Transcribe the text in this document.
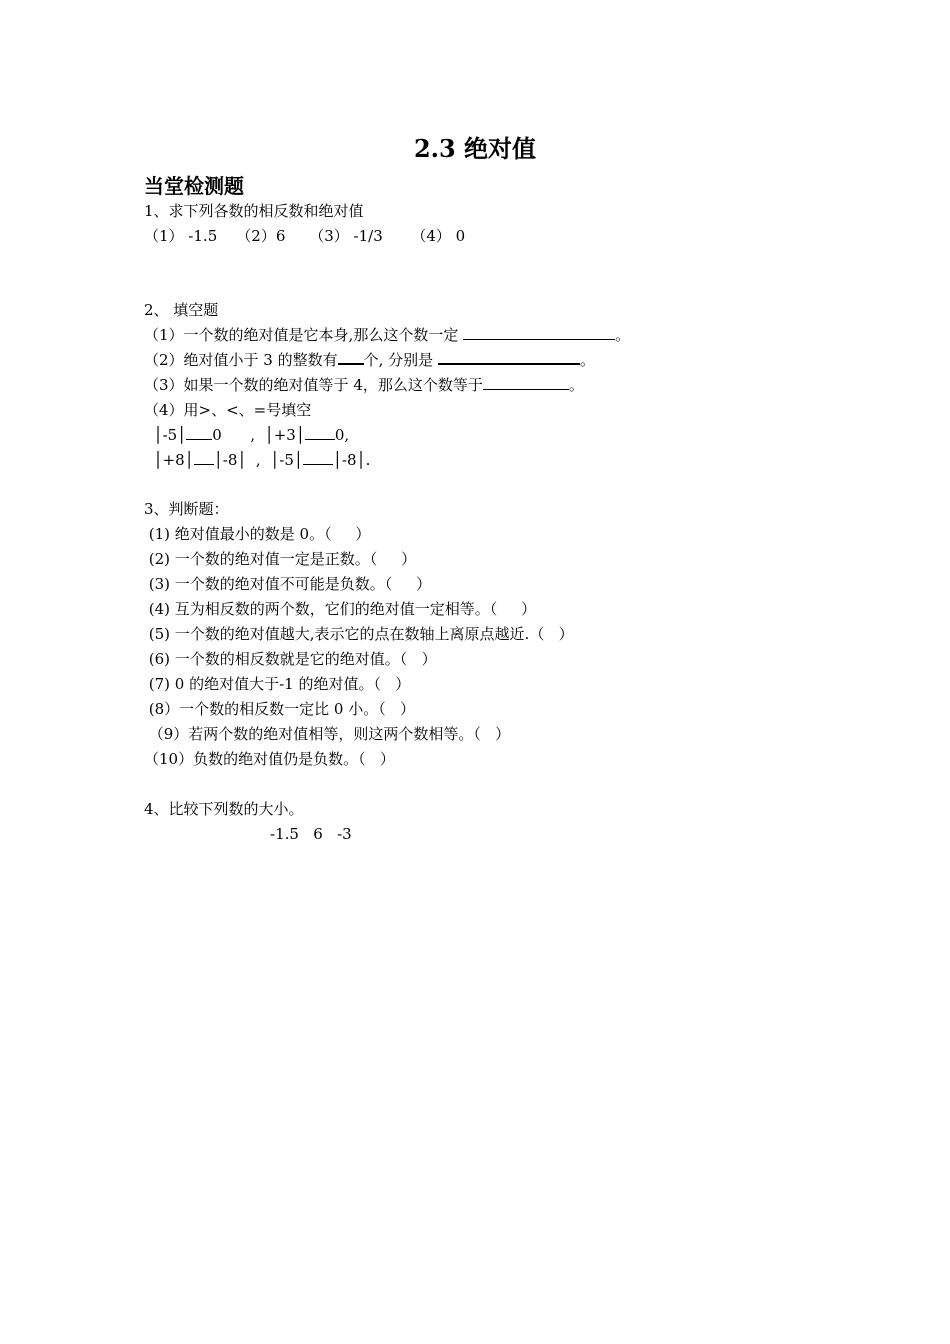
2.3 绝对值
当堂检测题
1、求下列各数的相反数和绝对值
（1） -1.5    （2）6     （3） -1/3      （4） 0
2、 填空题
（1）一个数的绝对值是它本身,那么这个数一定	。
（2）绝对值小于 3 的整数有 个, 分别是	。
（3）如果一个数的绝对值等于 4，那么这个数等于	。
（4）用>、<、=号填空
│-5│ 0      ,  │+3│ 0,
│+8│ │-8│  ,  │-5│ │-8│.
3、判断题：
(1) 绝对值最小的数是 0。（     ）
(2) 一个数的绝对值一定是正数。（     ）
(3) 一个数的绝对值不可能是负数。（     ）
(4) 互为相反数的两个数，它们的绝对值一定相等。（     ）
(5) 一个数的绝对值越大,表示它的点在数轴上离原点越近.（   ）
(6) 一个数的相反数就是它的绝对值。（   ）
(7) 0 的绝对值大于-1 的绝对值。（   ）
(8）一个数的相反数一定比 0 小。（   ）
（9）若两个数的绝对值相等，则这两个数相等。（   ）
（10）负数的绝对值仍是负数。（   ）
4、比较下列数的大小。
-1.5   6   -3
